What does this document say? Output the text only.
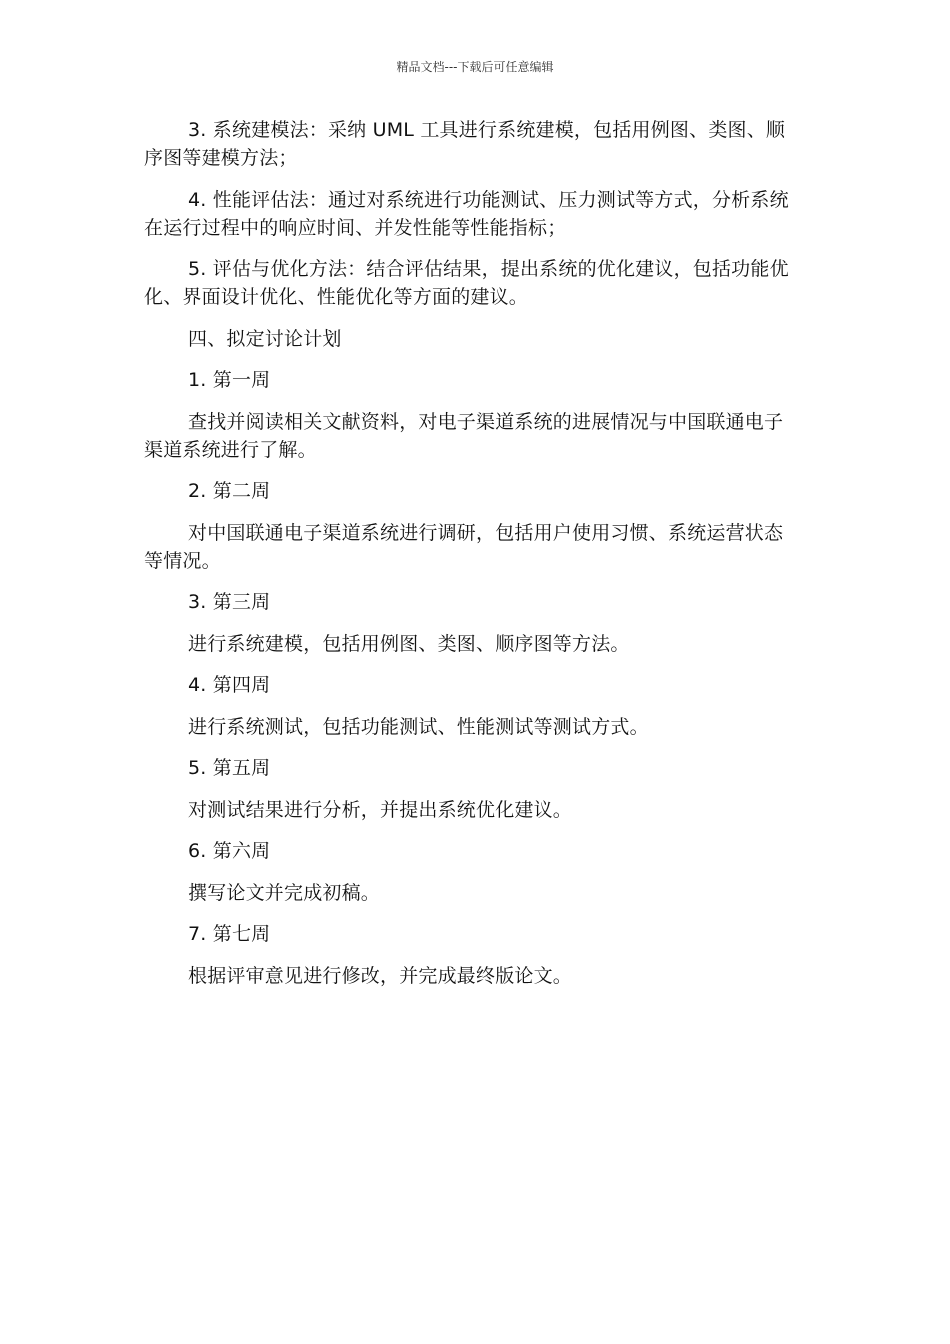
精品文档---下载后可任意编辑

3. 系统建模法：采纳 UML 工具进行系统建模，包括用例图、类图、顺序图等建模方法；

4. 性能评估法：通过对系统进行功能测试、压力测试等方式，分析系统在运行过程中的响应时间、并发性能等性能指标；

5. 评估与优化方法：结合评估结果，提出系统的优化建议，包括功能优化、界面设计优化、性能优化等方面的建议。

四、拟定讨论计划

1. 第一周

查找并阅读相关文献资料，对电子渠道系统的进展情况与中国联通电子渠道系统进行了解。

2. 第二周

对中国联通电子渠道系统进行调研，包括用户使用习惯、系统运营状态等情况。

3. 第三周

进行系统建模，包括用例图、类图、顺序图等方法。

4. 第四周

进行系统测试，包括功能测试、性能测试等测试方式。

5. 第五周

对测试结果进行分析，并提出系统优化建议。

6. 第六周

撰写论文并完成初稿。

7. 第七周

根据评审意见进行修改，并完成最终版论文。
